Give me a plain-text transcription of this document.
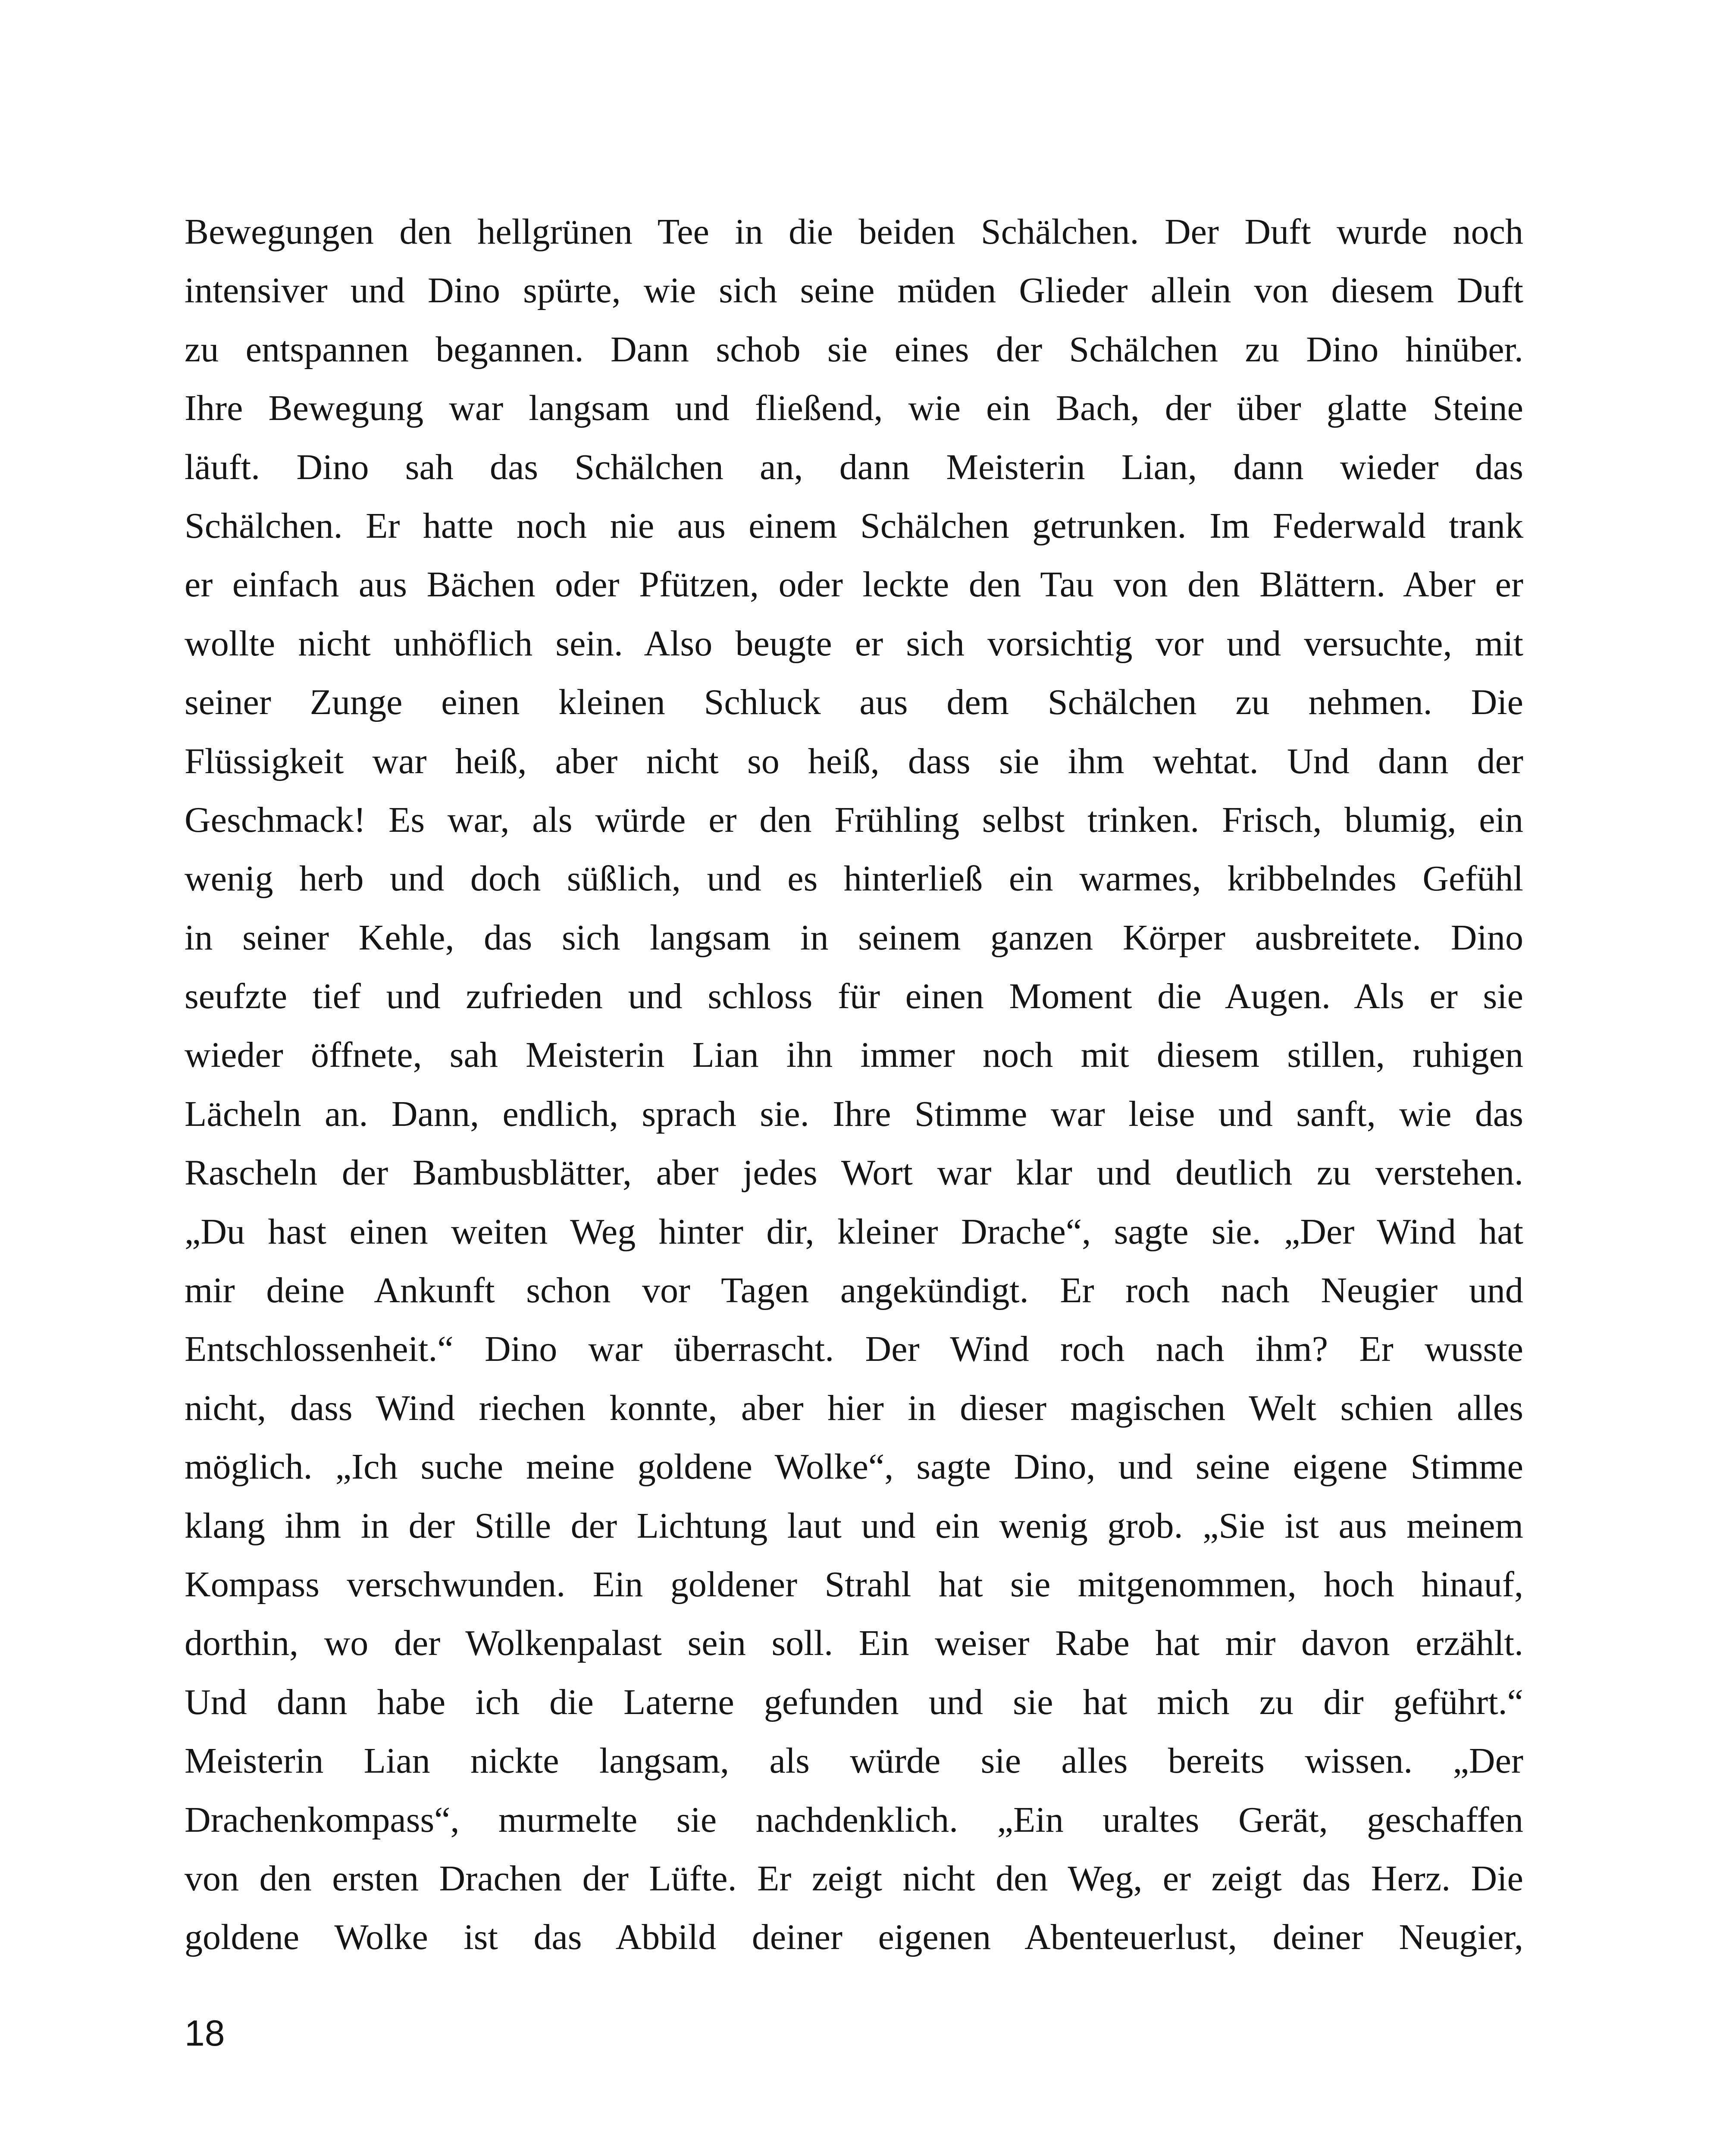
Bewegungen den hellgrünen Tee in die beiden Schälchen. Der Duft wurde noch
intensiver und Dino spürte, wie sich seine müden Glieder allein von diesem Duft
zu entspannen begannen. Dann schob sie eines der Schälchen zu Dino hinüber.
Ihre Bewegung war langsam und fließend, wie ein Bach, der über glatte Steine
läuft. Dino sah das Schälchen an, dann Meisterin Lian, dann wieder das
Schälchen. Er hatte noch nie aus einem Schälchen getrunken. Im Federwald trank
er einfach aus Bächen oder Pfützen, oder leckte den Tau von den Blättern. Aber er
wollte nicht unhöflich sein. Also beugte er sich vorsichtig vor und versuchte, mit
seiner Zunge einen kleinen Schluck aus dem Schälchen zu nehmen. Die
Flüssigkeit war heiß, aber nicht so heiß, dass sie ihm wehtat. Und dann der
Geschmack! Es war, als würde er den Frühling selbst trinken. Frisch, blumig, ein
wenig herb und doch süßlich, und es hinterließ ein warmes, kribbelndes Gefühl
in seiner Kehle, das sich langsam in seinem ganzen Körper ausbreitete. Dino
seufzte tief und zufrieden und schloss für einen Moment die Augen. Als er sie
wieder öffnete, sah Meisterin Lian ihn immer noch mit diesem stillen, ruhigen
Lächeln an. Dann, endlich, sprach sie. Ihre Stimme war leise und sanft, wie das
Rascheln der Bambusblätter, aber jedes Wort war klar und deutlich zu verstehen.
„Du hast einen weiten Weg hinter dir, kleiner Drache“, sagte sie. „Der Wind hat
mir deine Ankunft schon vor Tagen angekündigt. Er roch nach Neugier und
Entschlossenheit.“ Dino war überrascht. Der Wind roch nach ihm? Er wusste
nicht, dass Wind riechen konnte, aber hier in dieser magischen Welt schien alles
möglich. „Ich suche meine goldene Wolke“, sagte Dino, und seine eigene Stimme
klang ihm in der Stille der Lichtung laut und ein wenig grob. „Sie ist aus meinem
Kompass verschwunden. Ein goldener Strahl hat sie mitgenommen, hoch hinauf,
dorthin, wo der Wolkenpalast sein soll. Ein weiser Rabe hat mir davon erzählt.
Und dann habe ich die Laterne gefunden und sie hat mich zu dir geführt.“
Meisterin Lian nickte langsam, als würde sie alles bereits wissen. „Der
Drachenkompass“, murmelte sie nachdenklich. „Ein uraltes Gerät, geschaffen
von den ersten Drachen der Lüfte. Er zeigt nicht den Weg, er zeigt das Herz. Die
goldene Wolke ist das Abbild deiner eigenen Abenteuerlust, deiner Neugier,
18
